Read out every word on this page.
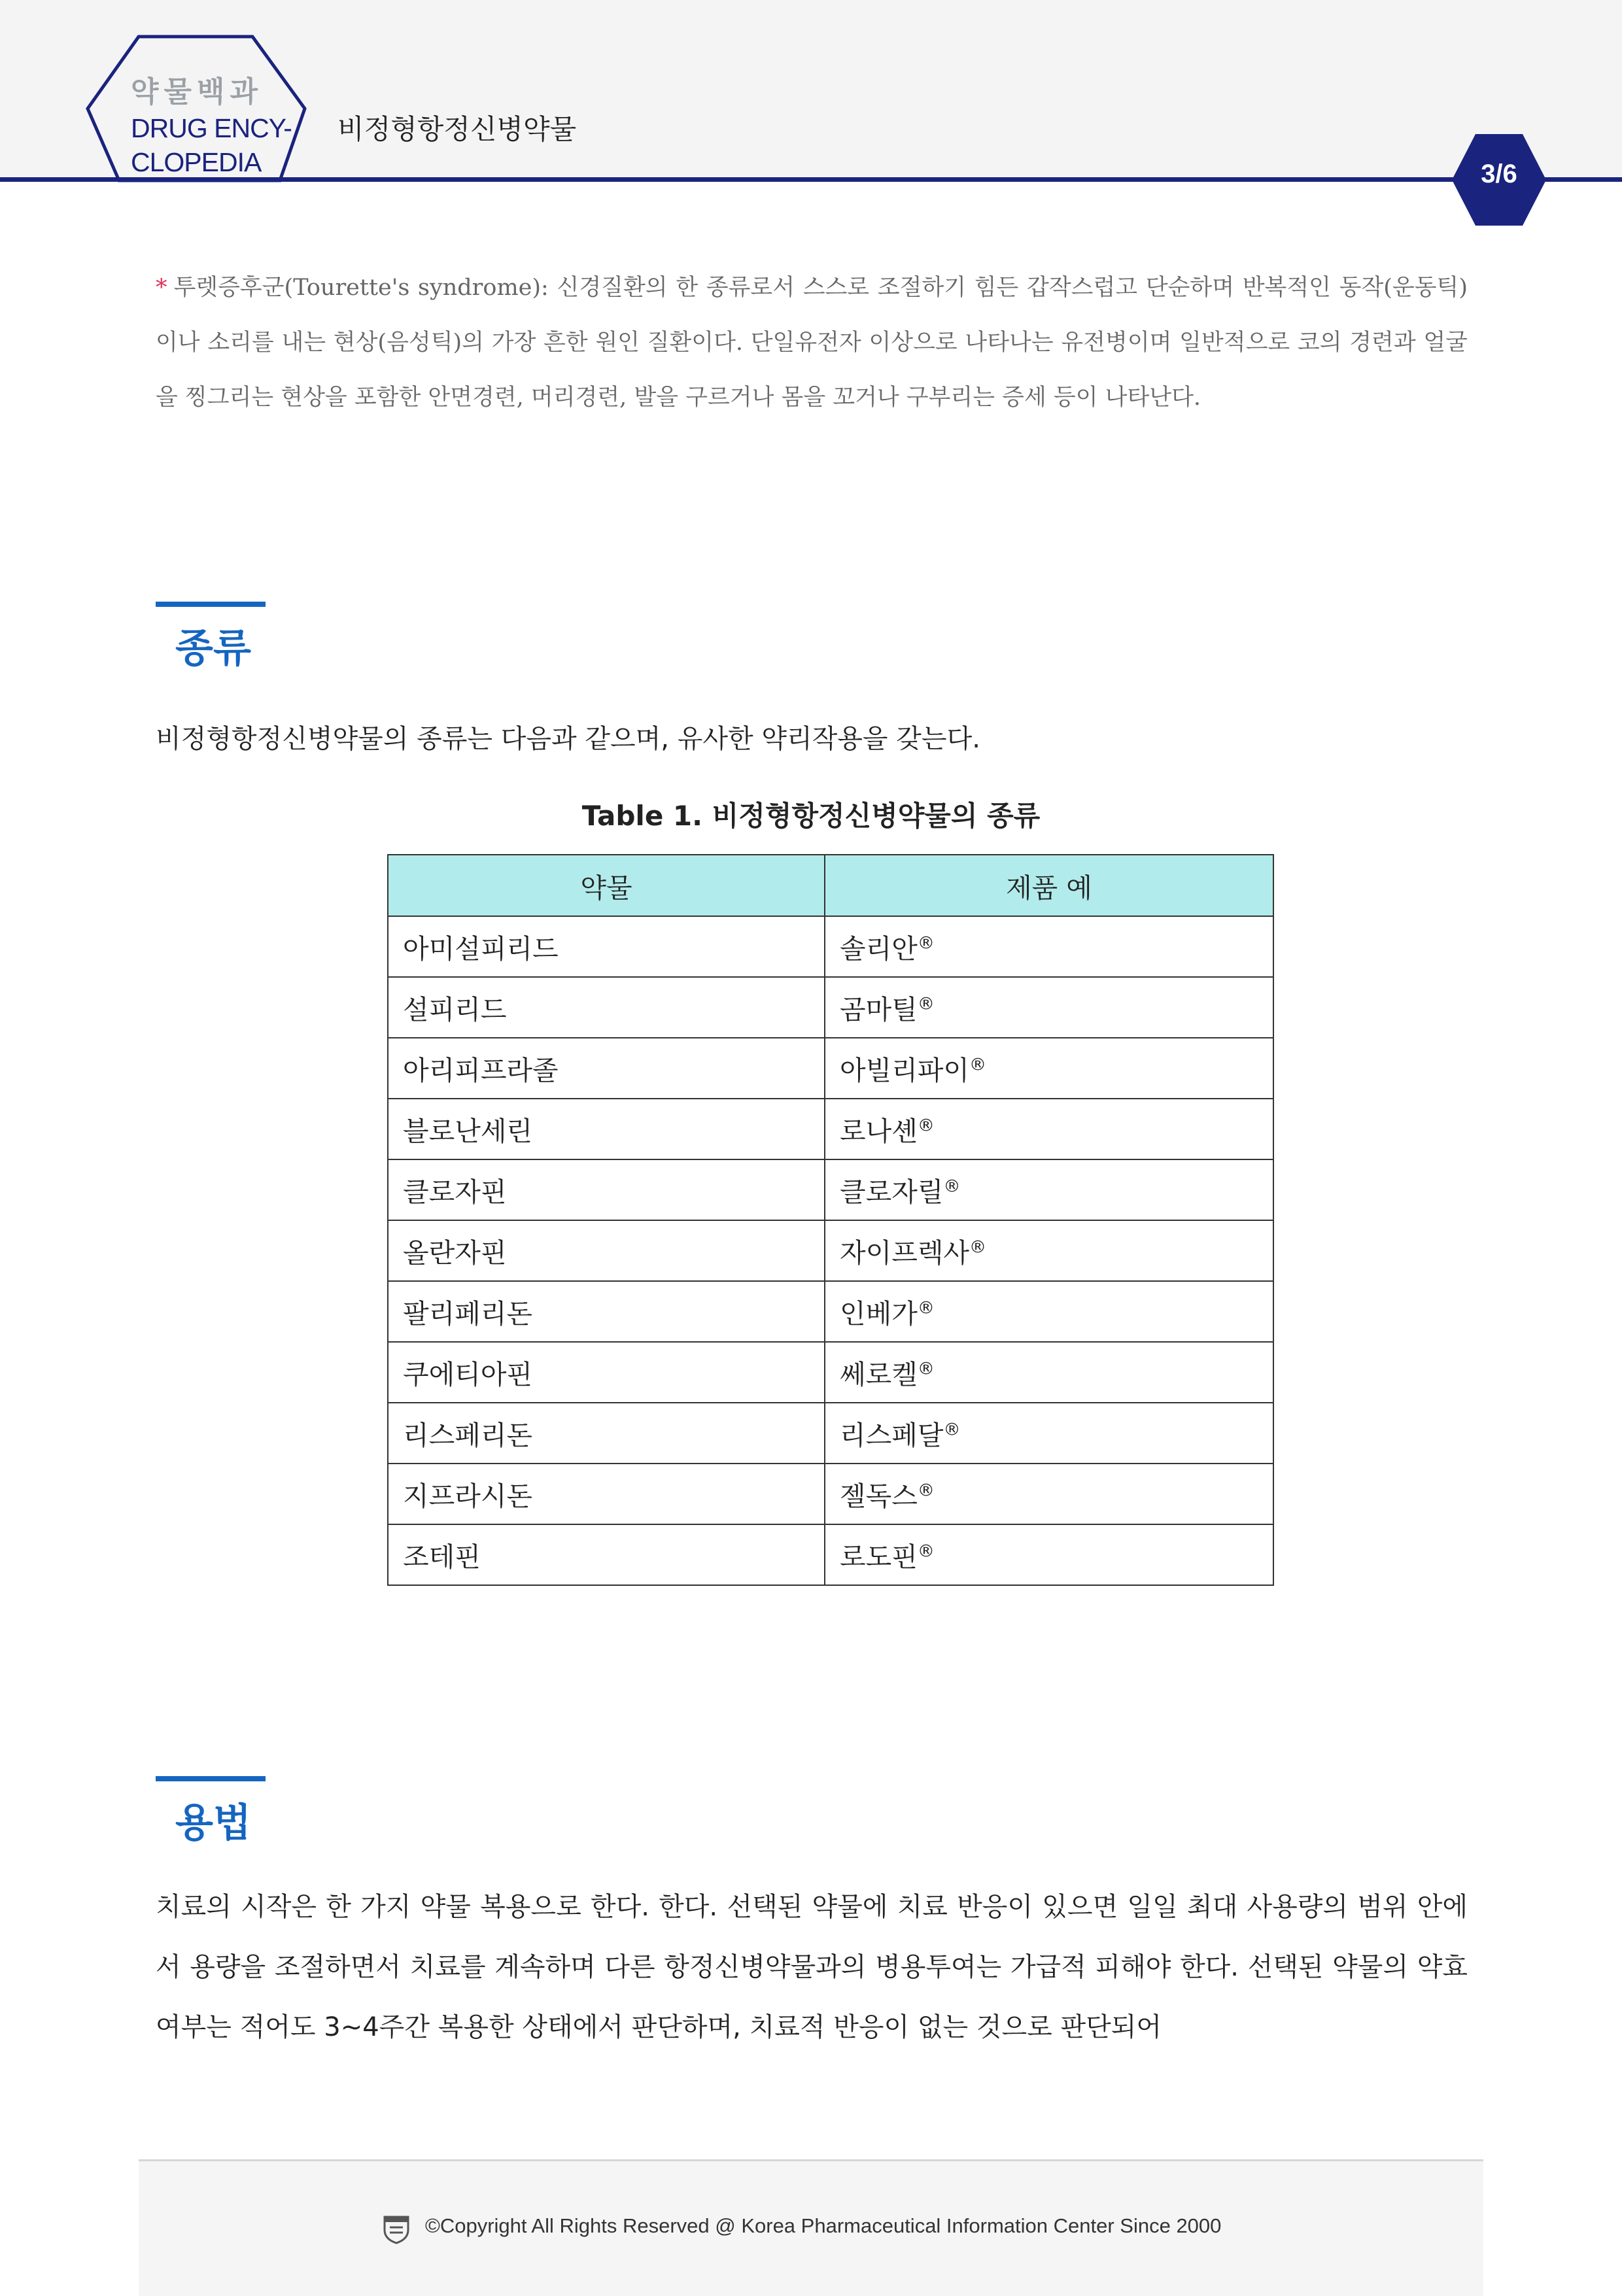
약물백과
DRUG ENCY-
CLOPEDIA
비정형항정신병약물
3/6
* 투렛증후군(Tourette's syndrome): 신경질환의 한 종류로서 스스로 조절하기 힘든 갑작스럽고 단순하며 반복적인 동작(운동틱)이나 소리를 내는 현상(음성틱)의 가장 흔한 원인 질환이다. 단일유전자 이상으로 나타나는 유전병이며 일반적으로 코의 경련과 얼굴을 찡그리는 현상을 포함한 안면경련, 머리경련, 발을 구르거나 몸을 꼬거나 구부리는 증세 등이 나타난다.
종류
비정형항정신병약물의 종류는 다음과 같으며, 유사한 약리작용을 갖는다.
Table 1. 비정형항정신병약물의 종류
약물	제품 예
아미설피리드	솔리안®
설피리드	곰마틸®
아리피프라졸	아빌리파이®
블로난세린	로나셴®
클로자핀	클로자릴®
올란자핀	자이프렉사®
팔리페리돈	인베가®
쿠에티아핀	쎄로켈®
리스페리돈	리스페달®
지프라시돈	젤독스®
조테핀	로도핀®
용법
치료의 시작은 한 가지 약물 복용으로 한다. 한다. 선택된 약물에 치료 반응이 있으면 일일 최대 사용량의 범위 안에서 용량을 조절하면서 치료를 계속하며 다른 항정신병약물과의 병용투여는 가급적 피해야 한다. 선택된 약물의 약효 여부는 적어도 3~4주간 복용한 상태에서 판단하며, 치료적 반응이 없는 것으로 판단되어
©Copyright All Rights Reserved @ Korea Pharmaceutical Information Center Since 2000
